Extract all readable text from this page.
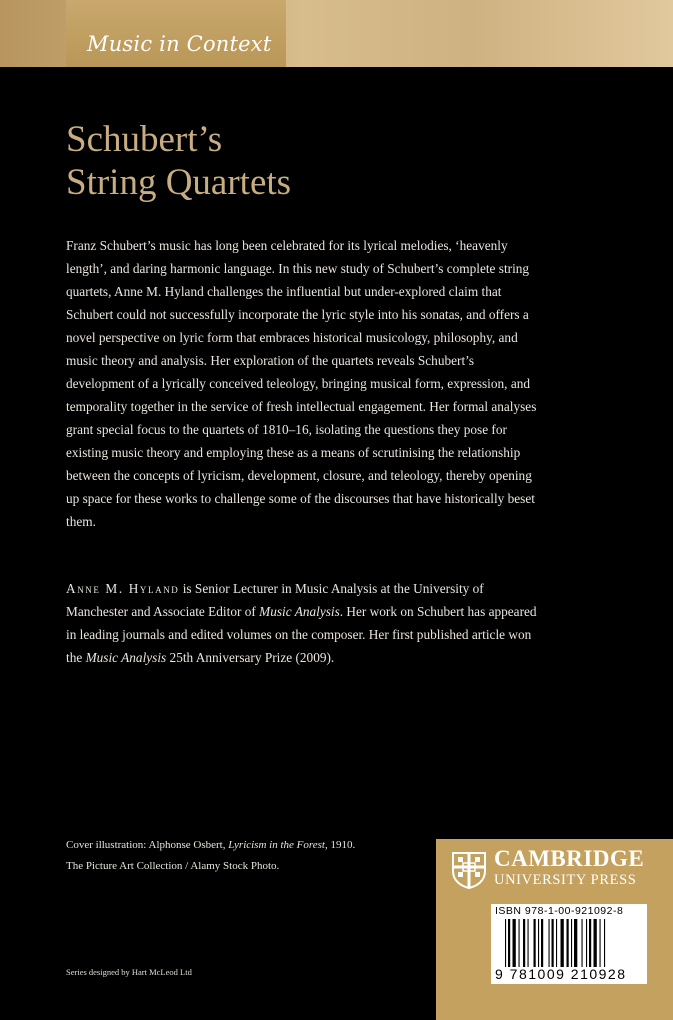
Music in Context
Schubert’s
String Quartets

Franz Schubert’s music has long been celebrated for its lyrical melodies, ‘heavenly length’, and daring harmonic language. In this new study of Schubert’s complete string quartets, Anne M. Hyland challenges the influential but under-explored claim that Schubert could not successfully incorporate the lyric style into his sonatas, and offers a novel perspective on lyric form that embraces historical musicology, philosophy, and music theory and analysis. Her exploration of the quartets reveals Schubert’s development of a lyrically conceived teleology, bringing musical form, expression, and temporality together in the service of fresh intellectual engagement. Her formal analyses grant special focus to the quartets of 1810–16, isolating the questions they pose for existing music theory and employing these as a means of scrutinising the relationship between the concepts of lyricism, development, closure, and teleology, thereby opening up space for these works to challenge some of the discourses that have historically beset them.

Anne M. Hyland is Senior Lecturer in Music Analysis at the University of Manchester and Associate Editor of Music Analysis. Her work on Schubert has appeared in leading journals and edited volumes on the composer. Her first published article won the Music Analysis 25th Anniversary Prize (2009).

Cover illustration: Alphonse Osbert, Lyricism in the Forest, 1910.
The Picture Art Collection / Alamy Stock Photo.
Series designed by Hart McLeod Ltd
CAMBRIDGE
UNIVERSITY PRESS
ISBN 978-1-00-921092-8
9 781009 210928
